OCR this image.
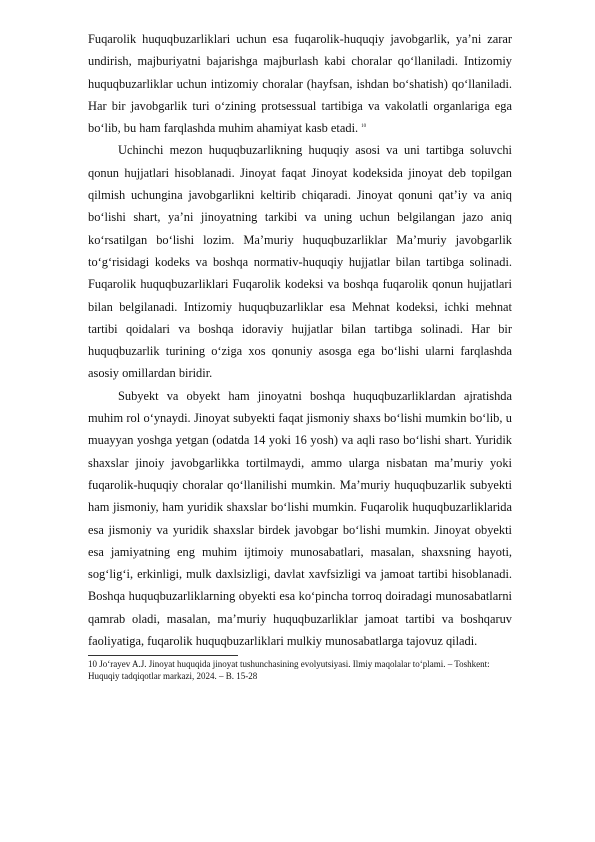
Fuqarolik huquqbuzarliklari uchun esa fuqarolik-huquqiy javobgarlik, ya’ni zarar undirish, majburiyatni bajarishga majburlash kabi choralar qo‘llaniladi. Intizomiy huquqbuzarliklar uchun intizomiy choralar (hayfsan, ishdan bo‘shatish) qo‘llaniladi. Har bir javobgarlik turi o‘zining protsessual tartibiga va vakolatli organlariga ega bo‘lib, bu ham farqlashda muhim ahamiyat kasb etadi. $^{10}$

Uchinchi mezon huquqbuzarlikning huquqiy asosi va uni tartibga soluvchi qonun hujjatlari hisoblanadi. Jinoyat faqat Jinoyat kodeksida jinoyat deb topilgan qilmish uchungina javobgarlikni keltirib chiqaradi. Jinoyat qonuni qat’iy va aniq bo‘lishi shart, ya’ni jinoyatning tarkibi va uning uchun belgilangan jazo aniq ko‘rsatilgan bo‘lishi lozim. Ma’muriy huquqbuzarliklar Ma’muriy javobgarlik to‘g‘risidagi kodeks va boshqa normativ-huquqiy hujjatlar bilan tartibga solinadi. Fuqarolik huquqbuzarliklari Fuqarolik kodeksi va boshqa fuqarolik qonun hujjatlari bilan belgilanadi. Intizomiy huquqbuzarliklar esa Mehnat kodeksi, ichki mehnat tartibi qoidalari va boshqa idoraviy hujjatlar bilan tartibga solinadi. Har bir huquqbuzarlik turining o‘ziga xos qonuniy asosga ega bo‘lishi ularni farqlashda asosiy omillardan biridir.

Subyekt va obyekt ham jinoyatni boshqa huquqbuzarliklardan ajratishda muhim rol o‘ynaydi. Jinoyat subyekti faqat jismoniy shaxs bo‘lishi mumkin bo‘lib, u muayyan yoshga yetgan (odatda 14 yoki 16 yosh) va aqli raso bo‘lishi shart. Yuridik shaxslar jinoiy javobgarlikka tortilmaydi, ammo ularga nisbatan ma’muriy yoki fuqarolik-huquqiy choralar qo‘llanilishi mumkin. Ma’muriy huquqbuzarlik subyekti ham jismoniy, ham yuridik shaxslar bo‘lishi mumkin. Fuqarolik huquqbuzarliklarida esa jismoniy va yuridik shaxslar birdek javobgar bo‘lishi mumkin. Jinoyat obyekti esa jamiyatning eng muhim ijtimoiy munosabatlari, masalan, shaxsning hayoti, sog‘lig‘i, erkinligi, mulk daxlsizligi, davlat xavfsizligi va jamoat tartibi hisoblanadi. Boshqa huquqbuzarliklarning obyekti esa ko‘pincha torroq doiradagi munosabatlarni qamrab oladi, masalan, ma’muriy huquqbuzarliklar jamoat tartibi va boshqaruv faoliyatiga, fuqarolik huquqbuzarliklari mulkiy munosabatlarga tajovuz qiladi.

10 Jo‘rayev A.J. Jinoyat huquqida jinoyat tushunchasining evolyutsiyasi. Ilmiy maqolalar to‘plami. – Toshkent: Huquqiy tadqiqotlar markazi, 2024. – B. 15-28
